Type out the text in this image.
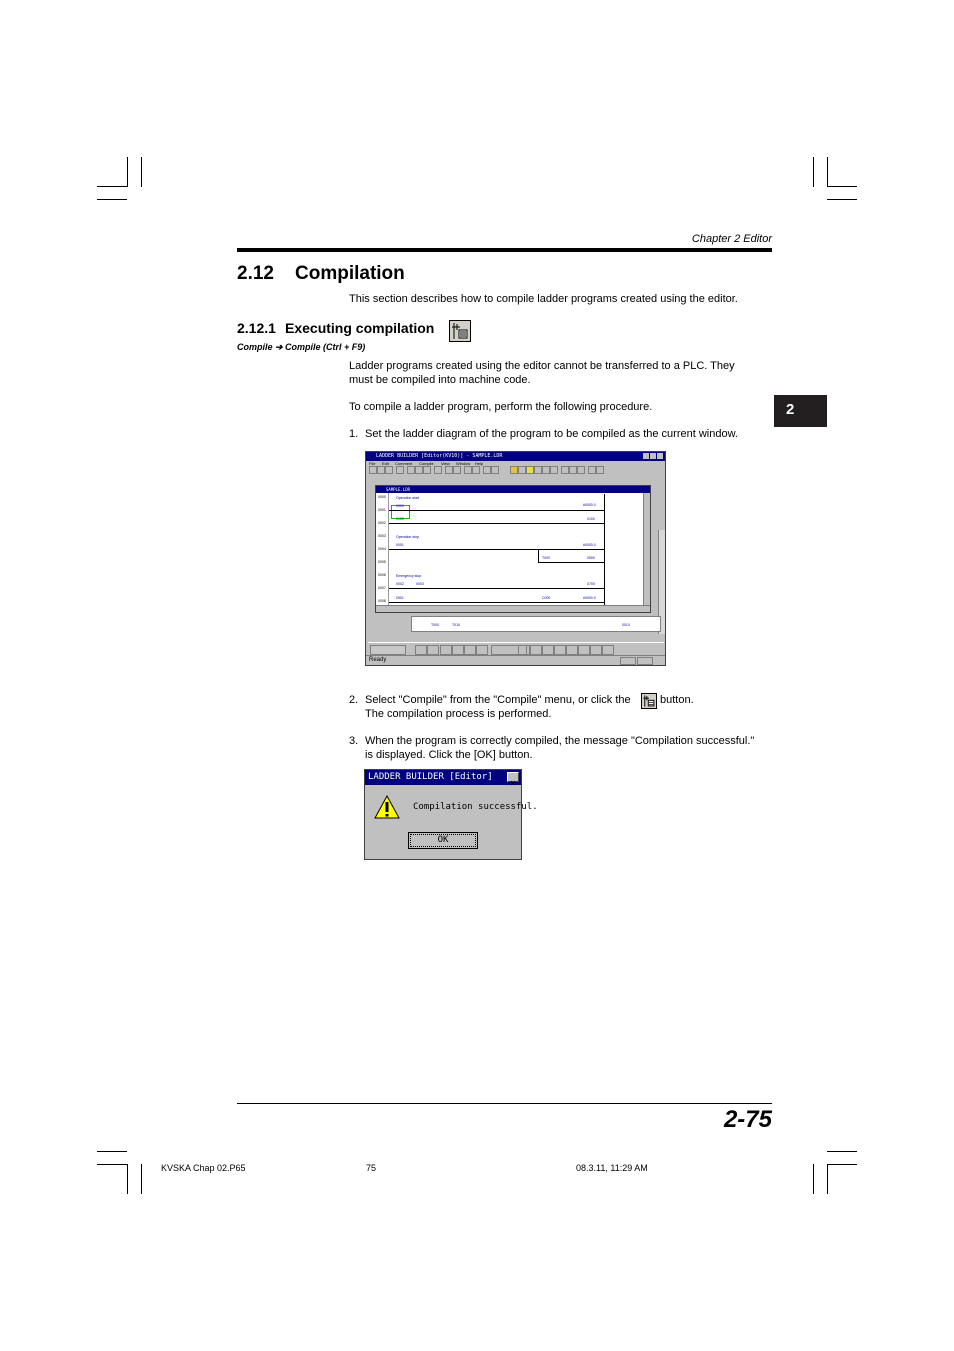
Chapter 2 Editor
2
2.12 Compilation
This section describes how to compile ladder programs created using the editor.
2.12.1 Executing compilation
Compile ➔ Compile (Ctrl + F9)
Ladder programs created using the editor cannot be transferred to a PLC. They
must be compiled into machine code.
To compile a ladder program, perform the following procedure.
1. Set the ladder diagram of the program to be compiled as the current window.
LADDER BUILDER [Editor(KV10)] - SAMPLE.LDR
File Edit Comment Compile View Window Help
SAMPLE.LDR
0000
0001
0002
0003
0004
0005
0006
0007
0008
Operation start
Operation stop
Emergency stop
0000	#0000.0
0100	0100
0001	#0000.0
T000	0500
0002	0003	0700
0501	C000	#0000.0
T000	T010	0010
Ready
2. Select "Compile" from the "Compile" menu, or click the	button.
The compilation process is performed.
3. When the program is correctly compiled, the message "Compilation successful."
is displayed. Click the [OK] button.
LADDER BUILDER [Editor]
✕
Compilation successful.
OK
2-75
KVSKA Chap 02.P65	75	08.3.11, 11:29 AM
